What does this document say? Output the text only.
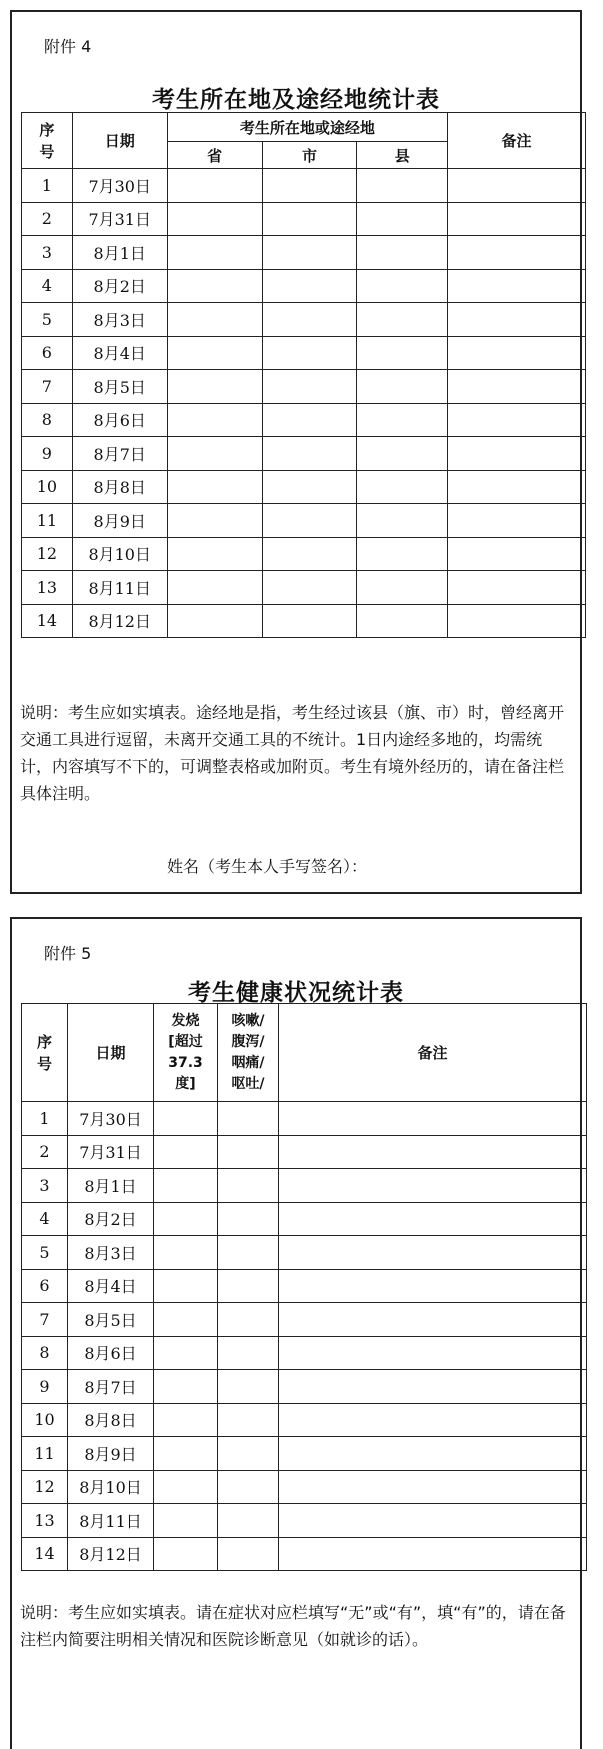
附件 4
考生所在地及途经地统计表
序号	日期	考生所在地或途经地			备注
		省	市	县	
1	7月30日				
2	7月31日				
3	8月1日				
4	8月2日				
5	8月3日				
6	8月4日				
7	8月5日				
8	8月6日				
9	8月7日				
10	8月8日				
11	8月9日				
12	8月10日				
13	8月11日				
14	8月12日				
说明：考生应如实填表。途经地是指，考生经过该县（旗、市）时，曾经离开交通工具进行逗留，未离开交通工具的不统计。1日内途经多地的，均需统计，内容填写不下的，可调整表格或加附页。考生有境外经历的，请在备注栏具体注明。
姓名（考生本人手写签名）：
附件 5
考生健康状况统计表
序号	日期	发烧[超过37.3度]	咳嗽/腹泻/咽痛/呕吐/	备注
1	7月30日			
2	7月31日			
3	8月1日			
4	8月2日			
5	8月3日			
6	8月4日			
7	8月5日			
8	8月6日			
9	8月7日			
10	8月8日			
11	8月9日			
12	8月10日			
13	8月11日			
14	8月12日			
说明：考生应如实填表。请在症状对应栏填写“无”或“有”，填“有”的，请在备注栏内简要注明相关情况和医院诊断意见（如就诊的话）。
